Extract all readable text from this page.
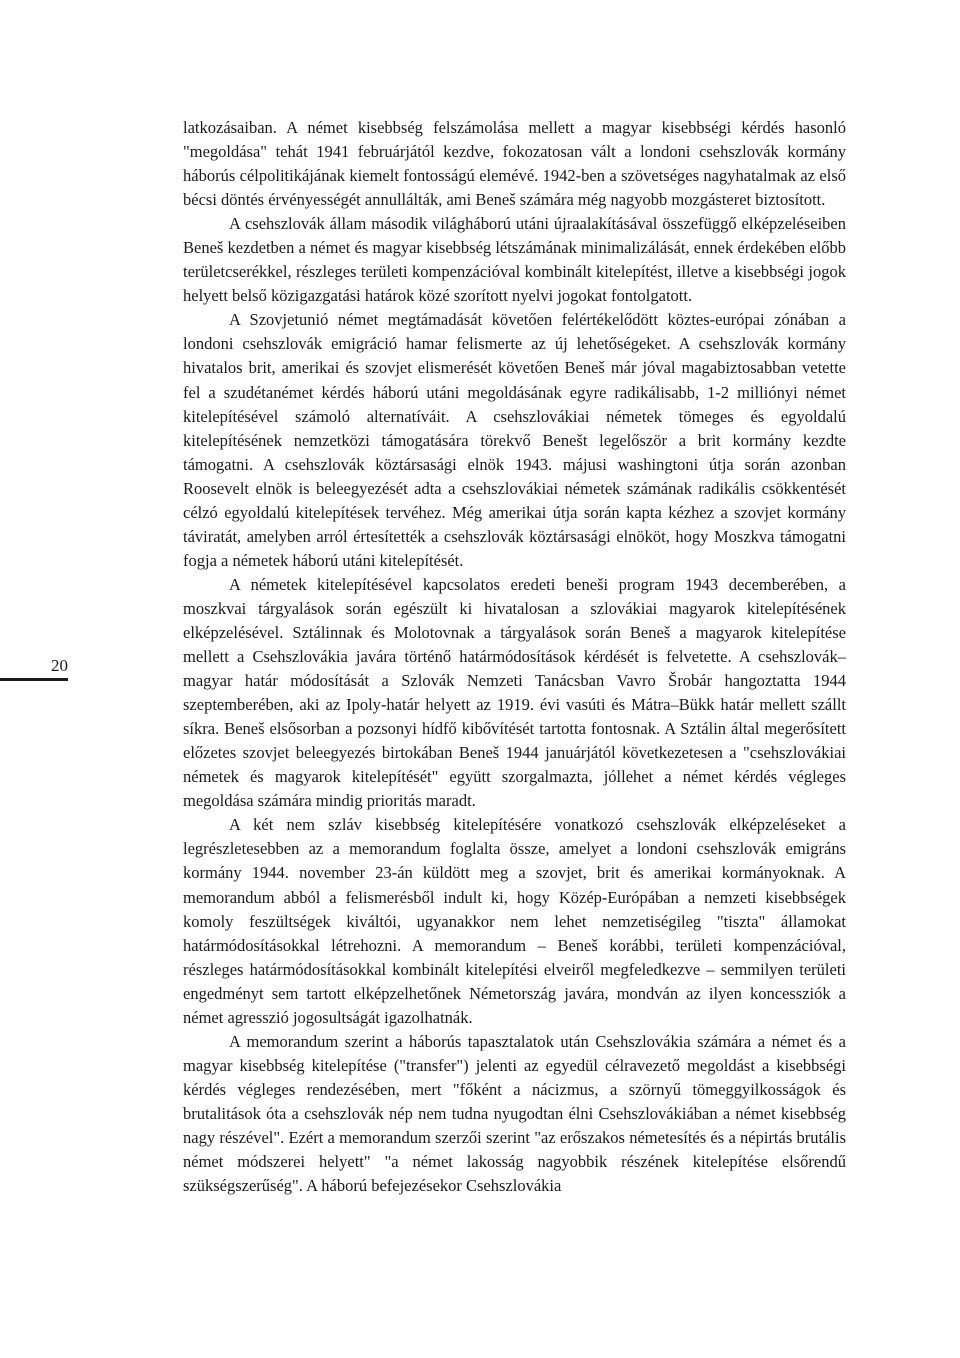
20

latkozásaiban. A német kisebbség felszámolása mellett a magyar kisebbségi kérdés hasonló "megoldása" tehát 1941 februárjától kezdve, fokozatosan vált a londoni csehszlovák kormány háborús célpolitikájának kiemelt fontosságú elemévé. 1942-ben a szövetséges nagyhatalmak az első bécsi döntés érvényességét annullálták, ami Beneš számára még nagyobb mozgásteret biztosított.

A csehszlovák állam második világháború utáni újraalakításával összefüggő elképzeléseiben Beneš kezdetben a német és magyar kisebbség létszámának minimalizálását, ennek érdekében előbb területcserékkel, részleges területi kompenzációval kombinált kitelepítést, illetve a kisebbségi jogok helyett belső közigazgatási határok közé szorított nyelvi jogokat fontolgatott.

A Szovjetunió német megtámadását követően felértékelődött köztes-európai zónában a londoni csehszlovák emigráció hamar felismerte az új lehetőségeket. A csehszlovák kormány hivatalos brit, amerikai és szovjet elismerését követően Beneš már jóval magabiztosabban vetette fel a szudétanémet kérdés háború utáni megoldásának egyre radikálisabb, 1-2 milliónyi német kitelepítésével számoló alternatíváit. A csehszlovákiai németek tömeges és egyoldalú kitelepítésének nemzetközi támogatására törekvő Benešt legelőször a brit kormány kezdte támogatni. A csehszlovák köztársasági elnök 1943. májusi washingtoni útja során azonban Roosevelt elnök is beleegyezését adta a csehszlovákiai németek számának radikális csökkentését célzó egyoldalú kitelepítések tervéhez. Még amerikai útja során kapta kézhez a szovjet kormány táviratát, amelyben arról értesítették a csehszlovák köztársasági elnököt, hogy Moszkva támogatni fogja a németek háború utáni kitelepítését.

A németek kitelepítésével kapcsolatos eredeti beneši program 1943 decemberében, a moszkvai tárgyalások során egészült ki hivatalosan a szlovákiai magyarok kitelepítésének elképzelésével. Sztálinnak és Molotovnak a tárgyalások során Beneš a magyarok kitelepítése mellett a Csehszlovákia javára történő határmódosítások kérdését is felvetette. A csehszlovák–magyar határ módosítását a Szlovák Nemzeti Tanácsban Vavro Šrobár hangoztatta 1944 szeptemberében, aki az Ipoly-határ helyett az 1919. évi vasúti és Mátra–Bükk határ mellett szállt síkra. Beneš elsősorban a pozsonyi hídfő kibővítését tartotta fontosnak. A Sztálin által megerősített előzetes szovjet beleegyezés birtokában Beneš 1944 januárjától következetesen a "csehszlovákiai németek és magyarok kitelepítését" együtt szorgalmazta, jóllehet a német kérdés végleges megoldása számára mindig prioritás maradt.

A két nem szláv kisebbség kitelepítésére vonatkozó csehszlovák elképzeléseket a legrészletesebben az a memorandum foglalta össze, amelyet a londoni csehszlovák emigráns kormány 1944. november 23-án küldött meg a szovjet, brit és amerikai kormányoknak. A memorandum abból a felismerésből indult ki, hogy Közép-Európában a nemzeti kisebbségek komoly feszültségek kiváltói, ugyanakkor nem lehet nemzetiségileg "tiszta" államokat határmódosításokkal létrehozni. A memorandum – Beneš korábbi, területi kompenzációval, részleges határmódosításokkal kombinált kitelepítési elveiről megfeledkezve – semmilyen területi engedményt sem tartott elképzelhetőnek Németország javára, mondván az ilyen koncessziók a német agresszió jogosultságát igazolhatnák.

A memorandum szerint a háborús tapasztalatok után Csehszlovákia számára a német és a magyar kisebbség kitelepítése ("transfer") jelenti az egyedül célravezető megoldást a kisebbségi kérdés végleges rendezésében, mert "főként a nácizmus, a szörnyű tömeggyilkosságok és brutalitások óta a csehszlovák nép nem tudna nyugodtan élni Csehszlovákiában a német kisebbség nagy részével". Ezért a memorandum szerzői szerint "az erőszakos németesítés és a népirtás brutális német módszerei helyett" "a német lakosság nagyobbik részének kitelepítése elsőrendű szükségszerűség". A háború befejezésekor Csehszlovákia
